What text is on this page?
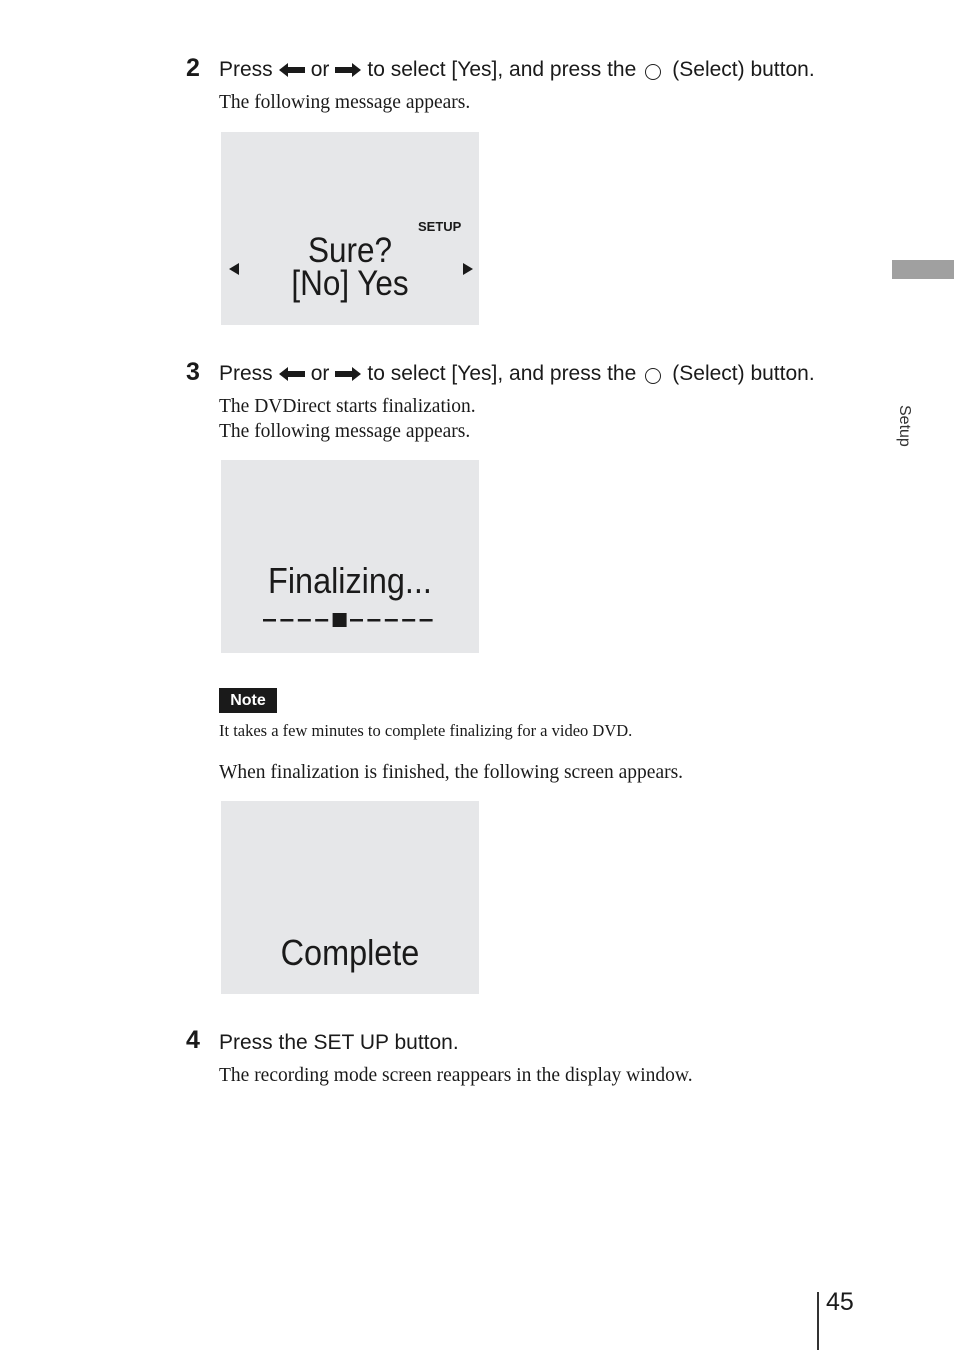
Setup
2 Press or to select [Yes], and press the (Select) button.
The following message appears.
SETUP
Sure?
[No] Yes
3 Press or to select [Yes], and press the (Select) button.
The DVDirect starts finalization.
The following message appears.
Finalizing...
Note
It takes a few minutes to complete finalizing for a video DVD.
When finalization is finished, the following screen appears.
Complete
4 Press the SET UP button.
The recording mode screen reappears in the display window.
45
